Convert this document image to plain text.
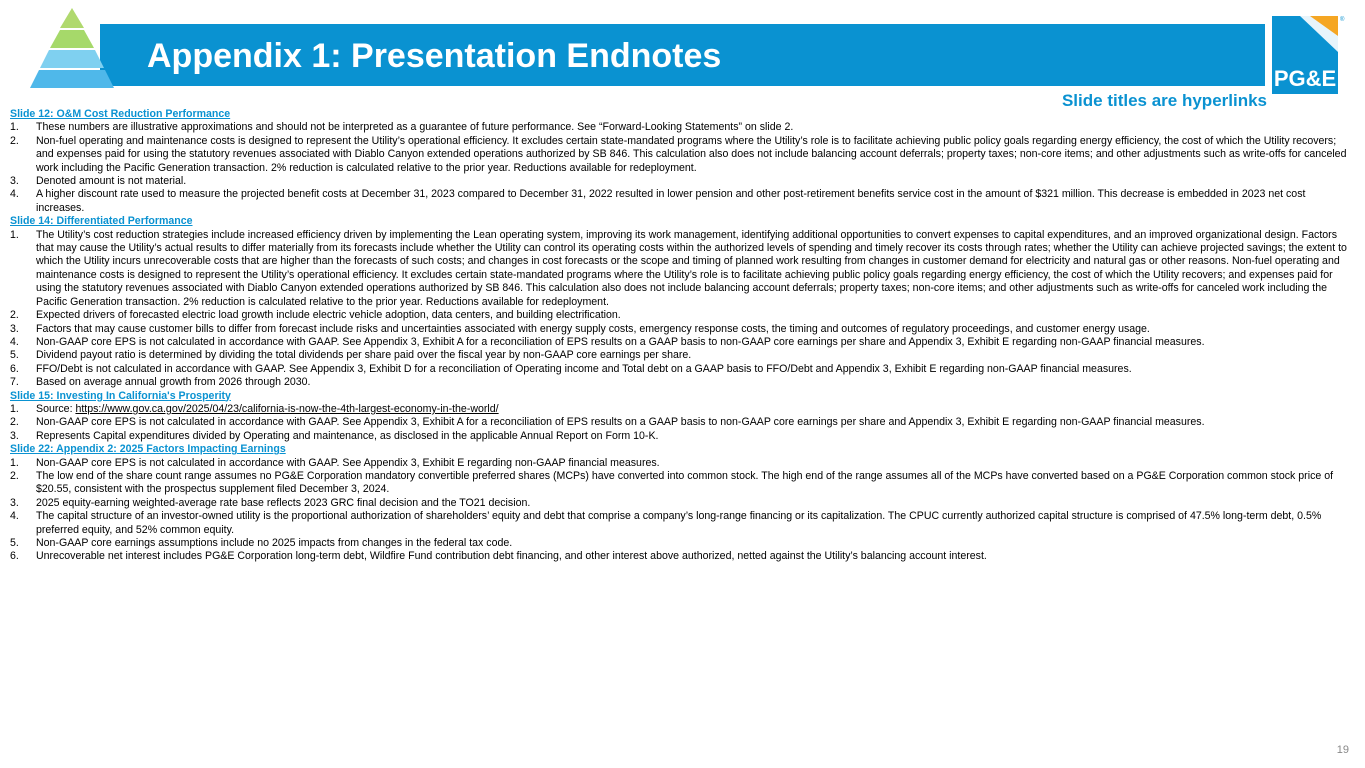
Appendix 1: Presentation Endnotes
PG&E
®
Slide titles are hyperlinks
Slide 12: O&M Cost Reduction Performance
1. These numbers are illustrative approximations and should not be interpreted as a guarantee of future performance. See “Forward-Looking Statements” on slide 2.
2. Non-fuel operating and maintenance costs is designed to represent the Utility’s operational efficiency. It excludes certain state-mandated programs where the Utility’s role is to facilitate achieving public policy goals regarding energy efficiency, the cost of which the Utility recovers; and expenses paid for using the statutory revenues associated with Diablo Canyon extended operations authorized by SB 846. This calculation also does not include balancing account deferrals; property taxes; non-core items; and other adjustments such as write-offs for canceled work including the Pacific Generation transaction. 2% reduction is calculated relative to the prior year. Reductions available for redeployment.
3. Denoted amount is not material.
4. A higher discount rate used to measure the projected benefit costs at December 31, 2023 compared to December 31, 2022 resulted in lower pension and other post-retirement benefits service cost in the amount of $321 million. This decrease is embedded in 2023 net cost increases.
Slide 14: Differentiated Performance
1. The Utility’s cost reduction strategies include increased efficiency driven by implementing the Lean operating system, improving its work management, identifying additional opportunities to convert expenses to capital expenditures, and an improved organizational design. Factors that may cause the Utility’s actual results to differ materially from its forecasts include whether the Utility can control its operating costs within the authorized levels of spending and timely recover its costs through rates; whether the Utility can achieve projected savings; the extent to which the Utility incurs unrecoverable costs that are higher than the forecasts of such costs; and changes in cost forecasts or the scope and timing of planned work resulting from changes in customer demand for electricity and natural gas or other reasons. Non-fuel operating and maintenance costs is designed to represent the Utility’s operational efficiency. It excludes certain state-mandated programs where the Utility’s role is to facilitate achieving public policy goals regarding energy efficiency, the cost of which the Utility recovers; and expenses paid for using the statutory revenues associated with Diablo Canyon extended operations authorized by SB 846. This calculation also does not include balancing account deferrals; property taxes; non-core items; and other adjustments such as write-offs for canceled work including the Pacific Generation transaction. 2% reduction is calculated relative to the prior year. Reductions available for redeployment.
2. Expected drivers of forecasted electric load growth include electric vehicle adoption, data centers, and building electrification.
3. Factors that may cause customer bills to differ from forecast include risks and uncertainties associated with energy supply costs, emergency response costs, the timing and outcomes of regulatory proceedings, and customer energy usage.
4. Non-GAAP core EPS is not calculated in accordance with GAAP. See Appendix 3, Exhibit A for a reconciliation of EPS results on a GAAP basis to non-GAAP core earnings per share and Appendix 3, Exhibit E regarding non-GAAP financial measures.
5. Dividend payout ratio is determined by dividing the total dividends per share paid over the fiscal year by non-GAAP core earnings per share.
6. FFO/Debt is not calculated in accordance with GAAP. See Appendix 3, Exhibit D for a reconciliation of Operating income and Total debt on a GAAP basis to FFO/Debt and Appendix 3, Exhibit E regarding non-GAAP financial measures.
7. Based on average annual growth from 2026 through 2030.
Slide 15: Investing In California's Prosperity
1. Source: https://www.gov.ca.gov/2025/04/23/california-is-now-the-4th-largest-economy-in-the-world/
2. Non-GAAP core EPS is not calculated in accordance with GAAP. See Appendix 3, Exhibit A for a reconciliation of EPS results on a GAAP basis to non-GAAP core earnings per share and Appendix 3, Exhibit E regarding non-GAAP financial measures.
3. Represents Capital expenditures divided by Operating and maintenance, as disclosed in the applicable Annual Report on Form 10-K.
Slide 22: Appendix 2: 2025 Factors Impacting Earnings
1. Non-GAAP core EPS is not calculated in accordance with GAAP. See Appendix 3, Exhibit E regarding non-GAAP financial measures.
2. The low end of the share count range assumes no PG&E Corporation mandatory convertible preferred shares (MCPs) have converted into common stock. The high end of the range assumes all of the MCPs have converted based on a PG&E Corporation common stock price of $20.55, consistent with the prospectus supplement filed December 3, 2024.
3. 2025 equity-earning weighted-average rate base reflects 2023 GRC final decision and the TO21 decision.
4. The capital structure of an investor-owned utility is the proportional authorization of shareholders’ equity and debt that comprise a company’s long-range financing or its capitalization. The CPUC currently authorized capital structure is comprised of 47.5% long-term debt, 0.5% preferred equity, and 52% common equity.
5. Non-GAAP core earnings assumptions include no 2025 impacts from changes in the federal tax code.
6. Unrecoverable net interest includes PG&E Corporation long-term debt, Wildfire Fund contribution debt financing, and other interest above authorized, netted against the Utility’s balancing account interest.
19
